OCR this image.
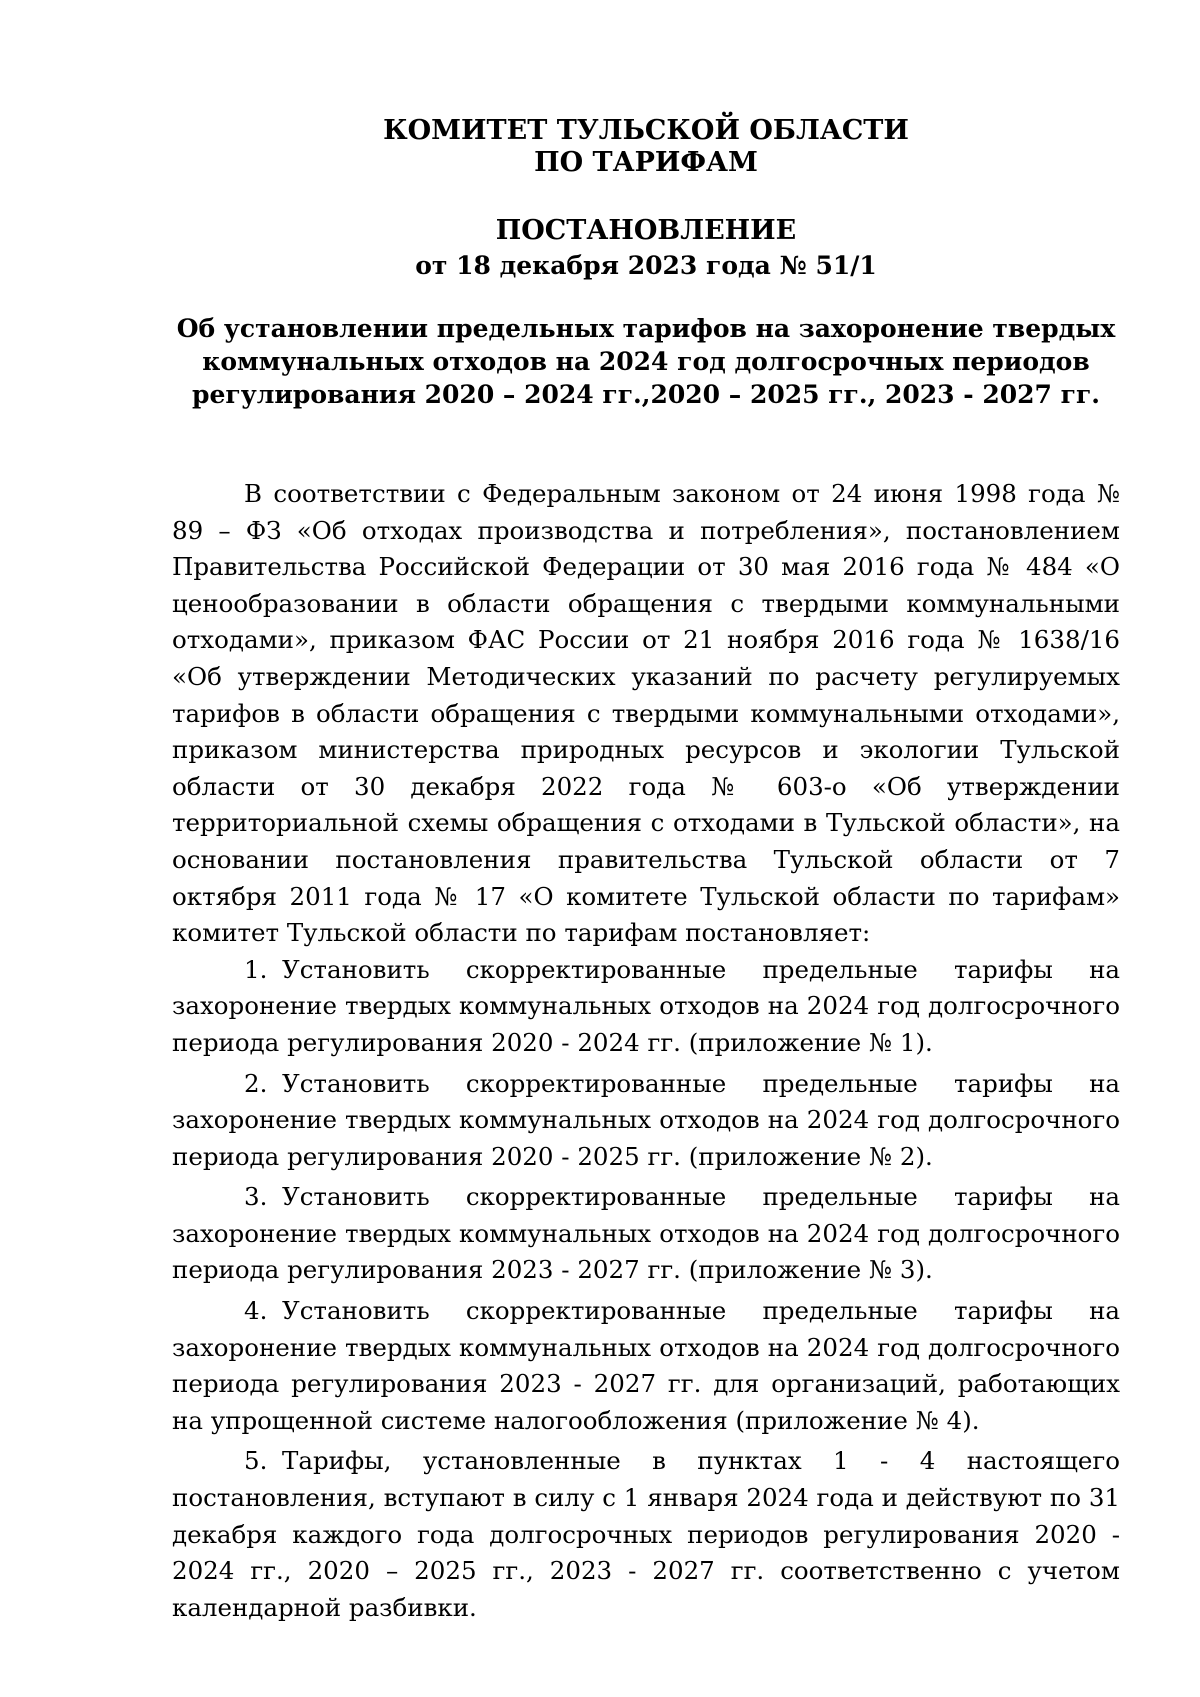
КОМИТЕТ ТУЛЬСКОЙ ОБЛАСТИ
ПО ТАРИФАМ
ПОСТАНОВЛЕНИЕ
от 18 декабря 2023 года № 51/1
Об установлении предельных тарифов на захоронение твердых
коммунальных отходов на 2024 год долгосрочных периодов
регулирования 2020 – 2024 гг.,2020 – 2025 гг., 2023 - 2027 гг.

В соответствии с Федеральным законом от 24 июня 1998 года № 89 – ФЗ «Об отходах производства и потребления», постановлением Правительства Российской Федерации от 30 мая 2016 года № 484 «О ценообразовании в области обращения с твердыми коммунальными отходами», приказом ФАС России от 21 ноября 2016 года № 1638/16 «Об утверждении Методических указаний по расчету регулируемых тарифов в области обращения с твердыми коммунальными отходами», приказом министерства природных ресурсов и экологии Тульской области от 30 декабря 2022 года № 603-о «Об утверждении территориальной схемы обращения с отходами в Тульской области», на основании постановления правительства Тульской области от 7 октября 2011 года № 17 «О комитете Тульской области по тарифам» комитет Тульской области по тарифам постановляет:

1. Установить скорректированные предельные тарифы на захоронение твердых коммунальных отходов на 2024 год долгосрочного периода регулирования 2020 - 2024 гг. (приложение № 1).

2. Установить скорректированные предельные тарифы на захоронение твердых коммунальных отходов на 2024 год долгосрочного периода регулирования 2020 - 2025 гг. (приложение № 2).

3. Установить скорректированные предельные тарифы на захоронение твердых коммунальных отходов на 2024 год долгосрочного периода регулирования 2023 - 2027 гг. (приложение № 3).

4. Установить скорректированные предельные тарифы на захоронение твердых коммунальных отходов на 2024 год долгосрочного периода регулирования 2023 - 2027 гг. для организаций, работающих на упрощенной системе налогообложения (приложение № 4).

5. Тарифы, установленные в пунктах 1 - 4 настоящего постановления, вступают в силу с 1 января 2024 года и действуют по 31 декабря каждого года долгосрочных периодов регулирования 2020 - 2024 гг., 2020 – 2025 гг., 2023 - 2027 гг. соответственно с учетом календарной разбивки.
